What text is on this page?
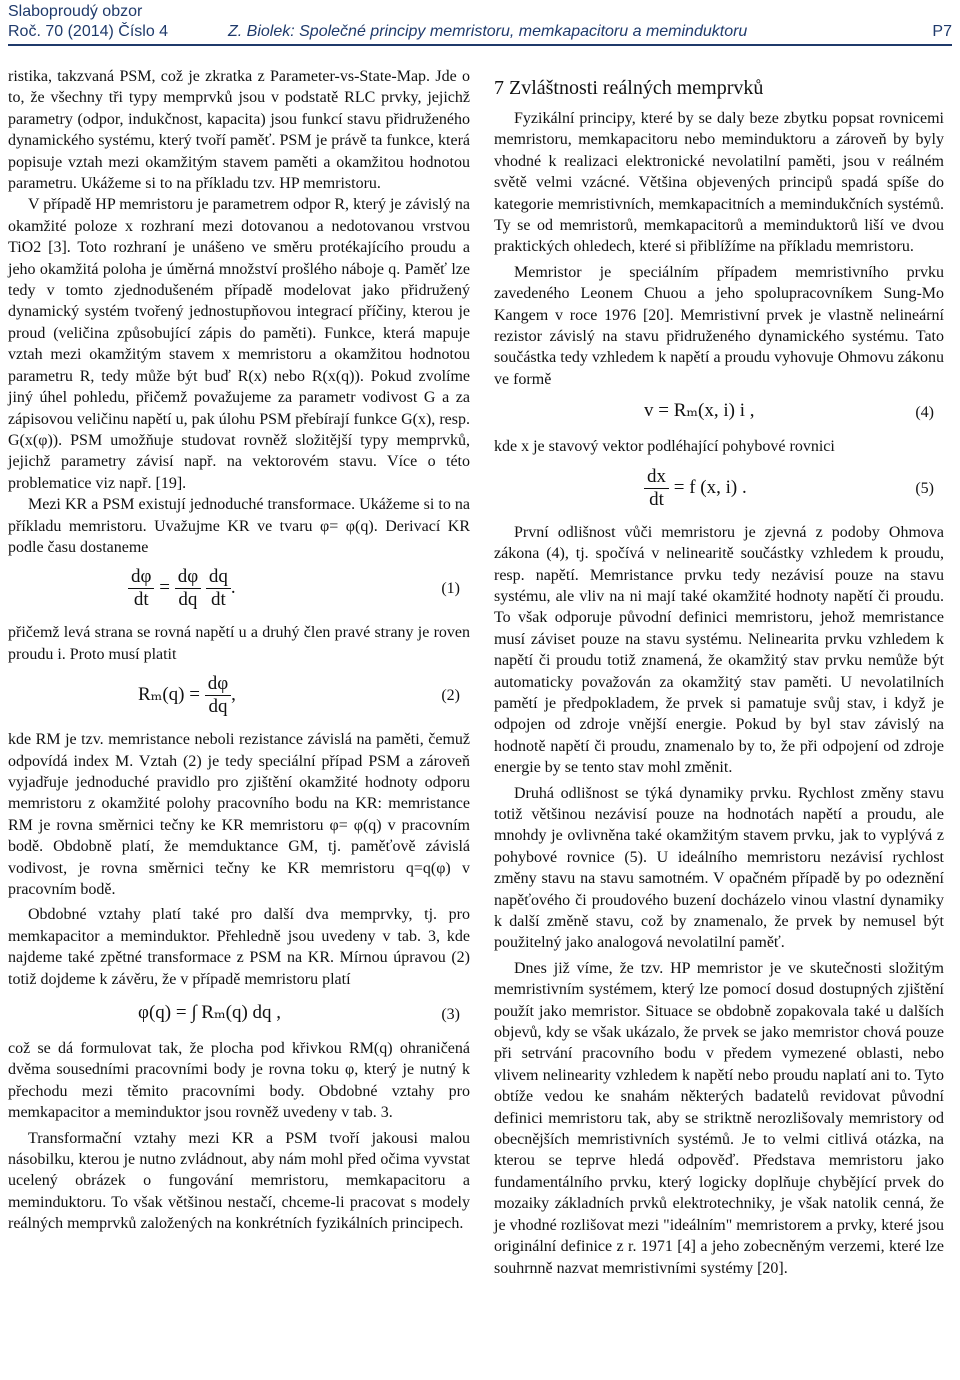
Slaboproudý obzor
Roč. 70 (2014) Číslo 4	Z. Biolek: Společné principy memristoru, memkapacitoru a meminduktoru	P7

ristika, takzvaná PSM, což je zkratka z Parameter-vs-State-Map. Jde o to, že všechny tři typy memprvků jsou v podstatě RLC prvky, jejichž parametry (odpor, indukčnost, kapacita) jsou funkcí stavu přidruženého dynamického systému, který tvoří paměť. PSM je právě ta funkce, která popisuje vztah mezi okamžitým stavem paměti a okamžitou hodnotou parametru. Ukážeme si to na příkladu tzv. HP memristoru.

V případě HP memristoru je parametrem odpor R, který je závislý na okamžité poloze x rozhraní mezi dotovanou a nedotovanou vrstvou TiO2 [3]. Toto rozhraní je unášeno ve směru protékajícího proudu a jeho okamžitá poloha je úměrná množství prošlého náboje q. Paměť lze tedy v tomto zjednodušeném případě modelovat jako přidružený dynamický systém tvořený jednostupňovou integrací příčiny, kterou je proud (veličina způsobující zápis do paměti). Funkce, která mapuje vztah mezi okamžitým stavem x memristoru a okamžitou hodnotou parametru R, tedy může být buď R(x) nebo R(x(q)). Pokud zvolíme jiný úhel pohledu, přičemž považujeme za parametr vodivost G a za zápisovou veličinu napětí u, pak úlohu PSM přebírají funkce G(x), resp. G(x(φ)). PSM umožňuje studovat rovněž složitější typy memprvků, jejichž parametry závisí např. na vektorovém stavu. Více o této problematice viz např. [19].

Mezi KR a PSM existují jednoduché transformace. Ukážeme si to na příkladu memristoru. Uvažujme KR ve tvaru φ= φ(q). Derivací KR podle času dostaneme

$\frac{d\varphi}{dt} = \frac{d\varphi}{dq}$
$\frac{dq}{dt}$ .	(1)

přičemž levá strana se rovná napětí u a druhý člen pravé strany je roven proudu i. Proto musí platit

$R_m(q) = \frac{d\varphi}{dq}$ ,	(2)

kde RM je tzv. memristance neboli rezistance závislá na paměti, čemuž odpovídá index M. Vztah (2) je tedy speciální případ PSM a zároveň vyjadřuje jednoduché pravidlo pro zjištění okamžité hodnoty odporu memristoru z okamžité polohy pracovního bodu na KR: memristance RM je rovna směrnici tečny ke KR memristoru φ= φ(q) v pracovním bodě. Obdobně platí, že memduktance GM, tj. paměťově závislá vodivost, je rovna směrnici tečny ke KR memristoru q=q(φ) v pracovním bodě.

Obdobné vztahy platí také pro další dva memprvky, tj. pro memkapacitor a meminduktor. Přehledně jsou uvedeny v tab. 3, kde najdeme také zpětné transformace z PSM na KR. Mírnou úpravou (2) totiž dojdeme k závěru, že v případě memristoru platí

φ(q) = ∫ Rₘ(q) dq ,	(3)

což se dá formulovat tak, že plocha pod křivkou RM(q) ohraničená dvěma sousedními pracovními body je rovna toku φ, který je nutný k přechodu mezi těmito pracovními body. Obdobné vztahy pro memkapacitor a meminduktor jsou rovněž uvedeny v tab. 3.

Transformační vztahy mezi KR a PSM tvoří jakousi malou násobilku, kterou je nutno zvládnout, aby nám mohl před očima vyvstat ucelený obrázek o fungování memristoru, memkapacitoru a meminduktoru. To však většinou nestačí, chceme-li pracovat s modely reálných memprvků založených na konkrétních fyzikálních principech.

7 Zvláštnosti reálných memprvků

Fyzikální principy, které by se daly beze zbytku popsat rovnicemi memristoru, memkapacitoru nebo meminduktoru a zároveň by byly vhodné k realizaci elektronické nevolatilní paměti, jsou v reálném světě velmi vzácné. Většina objevených principů spadá spíše do kategorie memristivních, memkapacitních a memindukčních systémů. Ty se od memristorů, memkapacitorů a meminduktorů liší ve dvou praktických ohledech, které si přiblížíme na příkladu memristoru.

Memristor je speciálním případem memristivního prvku zavedeného Leonem Chuou a jeho spolupracovníkem Sung-Mo Kangem v roce 1976 [20]. Memristivní prvek je vlastně nelineární rezistor závislý na stavu přidruženého dynamického systému. Tato součástka tedy vzhledem k napětí a proudu vyhovuje Ohmovu zákonu ve formě

v = Rₘ(x, i) i ,	(4)

kde x je stavový vektor podléhající pohybové rovnici

$\frac{dx}{dt} = f$ (x, i) .	(5)

První odlišnost vůči memristoru je zjevná z podoby Ohmova zákona (4), tj. spočívá v nelinearitě součástky vzhledem k proudu, resp. napětí. Memristance prvku tedy nezávisí pouze na stavu systému, ale vliv na ni mají také okamžité hodnoty napětí či proudu. To však odporuje původní definici memristoru, jehož memristance musí záviset pouze na stavu systému. Nelinearita prvku vzhledem k napětí či proudu totiž znamená, že okamžitý stav prvku nemůže být automaticky považován za okamžitý stav paměti. U nevolatilních pamětí je předpokladem, že prvek si pamatuje svůj stav, i když je odpojen od zdroje vnější energie. Pokud by byl stav závislý na hodnotě napětí či proudu, znamenalo by to, že při odpojení od zdroje energie by se tento stav mohl změnit.

Druhá odlišnost se týká dynamiky prvku. Rychlost změny stavu totiž většinou nezávisí pouze na hodnotách napětí a proudu, ale mnohdy je ovlivněna také okamžitým stavem prvku, jak to vyplývá z pohybové rovnice (5). U ideálního memristoru nezávisí rychlost změny stavu na stavu samotném. V opačném případě by po odeznění napěťového či proudového buzení docházelo vinou vlastní dynamiky k další změně stavu, což by znamenalo, že prvek by nemusel být použitelný jako analogová nevolatilní paměť.

Dnes již víme, že tzv. HP memristor je ve skutečnosti složitým memristivním systémem, který lze pomocí dosud dostupných zjištění použít jako memristor. Situace se obdobně zopakovala také u dalších objevů, kdy se však ukázalo, že prvek se jako memristor chová pouze při setrvání pracovního bodu v předem vymezené oblasti, nebo vlivem nelinearity vzhledem k napětí nebo proudu naplatí ani to. Tyto obtíže vedou ke snahám některých badatelů revidovat původní definici memristoru tak, aby se striktně nerozlišovaly memristory od obecnějších memristivních systémů. Je to velmi citlivá otázka, na kterou se teprve hledá odpověď. Představa memristoru jako fundamentálního prvku, který logicky doplňuje chybějící prvek do mozaiky základních prvků elektrotechniky, je však natolik cenná, že je vhodné rozlišovat mezi "ideálním" memristorem a prvky, které jsou originální definice z r. 1971 [4] a jeho zobecněným verzemi, které lze souhrnně nazvat memristivními systémy [20].
